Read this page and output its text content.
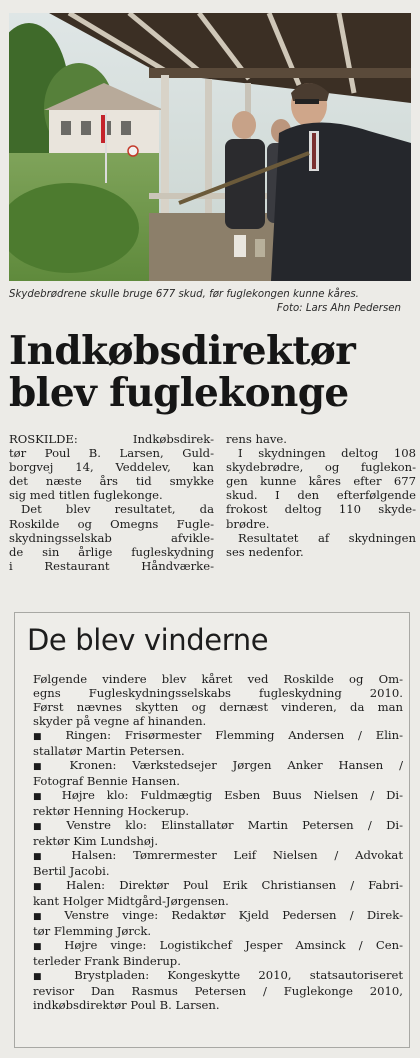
Skydebrødrene skulle bruge 677 skud, før fuglekongen kunne kåres.
Foto: Lars Ahn Pedersen
Indkøbsdirektør
blev fuglekonge
ROSKILDE: Indkøbsdirek-
tør Poul B. Larsen, Guld-
borgvej 14, Veddelev, kan
det næste års tid smykke
sig med titlen fuglekonge.
Det blev resultatet, da
Roskilde og Omegns Fugle-
skydningsselskab afvikle-
de sin årlige fugleskydning
i Restaurant Håndværke-
rens have.
I skydningen deltog 108
skydebrødre, og fuglekon-
gen kunne kåres efter 677
skud. I den efterfølgende
frokost deltog 110 skyde-
brødre.
Resultatet af skydningen
ses nedenfor.
De blev vinderne
Følgende vindere blev kåret ved Roskilde og Om-
egns Fugleskydningsselskabs fugleskydning 2010.
Først nævnes skytten og dernæst vinderen, da man
skyder på vegne af hinanden.
■ Ringen: Frisørmester Flemming Andersen / Elin-
stallatør Martin Petersen.
■ Kronen: Værkstedsejer Jørgen Anker Hansen /
Fotograf Bennie Hansen.
■ Højre klo: Fuldmægtig Esben Buus Nielsen / Di-
rektør Henning Hockerup.
■ Venstre klo: Elinstallatør Martin Petersen / Di-
rektør Kim Lundshøj.
■ Halsen: Tømrermester Leif Nielsen / Advokat
Bertil Jacobi.
■ Halen: Direktør Poul Erik Christiansen / Fabri-
kant Holger Midtgård-Jørgensen.
■ Venstre vinge: Redaktør Kjeld Pedersen / Direk-
tør Flemming Jørck.
■ Højre vinge: Logistikchef Jesper Amsinck / Cen-
terleder Frank Binderup.
■ Brystpladen: Kongeskytte 2010, statsautoriseret
revisor Dan Rasmus Petersen / Fuglekonge 2010,
indkøbsdirektør Poul B. Larsen.
